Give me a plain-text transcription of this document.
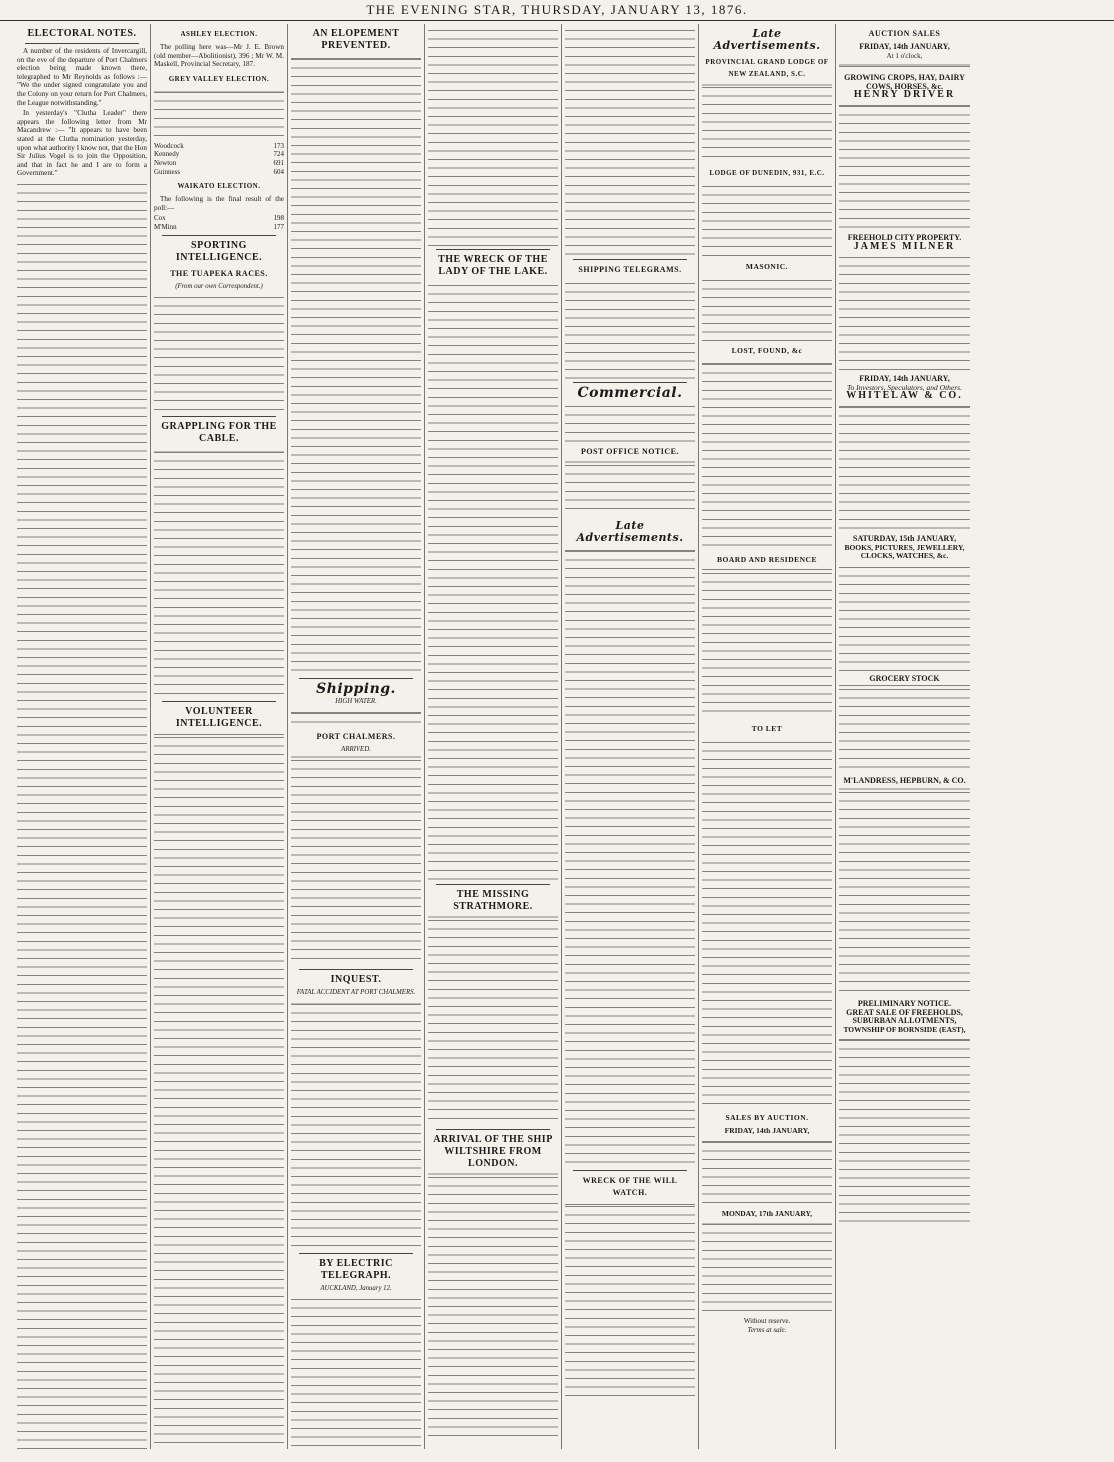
THE EVENING STAR, THURSDAY, JANUARY 13, 1876.
ELECTORAL NOTES.
A number of the residents of Invercargill, on the eve of the departure of Port Chalmers election being made known there, telegraphed to Mr Reynolds as follows :— "We the under signed congratulate you and the Colony on your return for Port Chalmers, the League notwithstanding."
In yesterday's "Clutha Leader" there appears the following letter from Mr Macandrew :— "It appears to have been stated at the Clutha nomination yesterday, upon what authority I know not, that the Hon Sir Julius Vogel is to join the Opposition, and that in fact he and I are to form a Government."
ASHLEY ELECTION.
The polling here was—Mr J. E. Brown (old member—Abolitionist), 396 ; Mr W. M. Maskell, Provincial Secretary, 187.
GREY VALLEY ELECTION.
Woodcock	173
Kennedy	724
Newton	691
Guinness	604
WAIKATO ELECTION.
The following is the final result of the poll:—
Cox	198
M'Minn	177
SPORTING INTELLIGENCE.
THE TUAPEKA RACES.
(From our own Correspondent.)
GRAPPLING FOR THE CABLE.
VOLUNTEER INTELLIGENCE.
AN ELOPEMENT PREVENTED.
Shipping.
HIGH WATER.
PORT CHALMERS.
ARRIVED.
INQUEST.
FATAL ACCIDENT AT PORT CHALMERS.
BY ELECTRIC TELEGRAPH.
AUCKLAND, January 12.
THE WRECK OF THE LADY OF THE LAKE.
THE MISSING STRATHMORE.
ARRIVAL OF THE SHIP WILTSHIRE FROM LONDON.
SHIPPING TELEGRAMS.
Commercial.
POST OFFICE NOTICE.
Late Advertisements.
WRECK OF THE WILL WATCH.
Late Advertisements.
PROVINCIAL GRAND LODGE OF NEW ZEALAND, S.C.
LODGE OF DUNEDIN, 931, E.C.
MASONIC.
LOST, FOUND, &c
BOARD AND RESIDENCE
TO LET
SALES BY AUCTION.
FRIDAY, 14th JANUARY,
MONDAY, 17th JANUARY,
Without reserve.
Terms at sale.
AUCTION SALES
FRIDAY, 14th JANUARY,
At 1 o'clock,
GROWING CROPS, HAY, DAIRY COWS, HORSES, &c.
HENRY DRIVER
FREEHOLD CITY PROPERTY.
JAMES MILNER
FRIDAY, 14th JANUARY,
To Investors, Speculators, and Others.
WHITELAW & CO.
SATURDAY, 15th JANUARY,
BOOKS, PICTURES, JEWELLERY, CLOCKS, WATCHES, &c.
GROCERY STOCK
M'LANDRESS, HEPBURN, & CO.
PRELIMINARY NOTICE.
GREAT SALE OF FREEHOLDS,
SUBURBAN ALLOTMENTS,
TOWNSHIP OF BORNSIDE (EAST),
